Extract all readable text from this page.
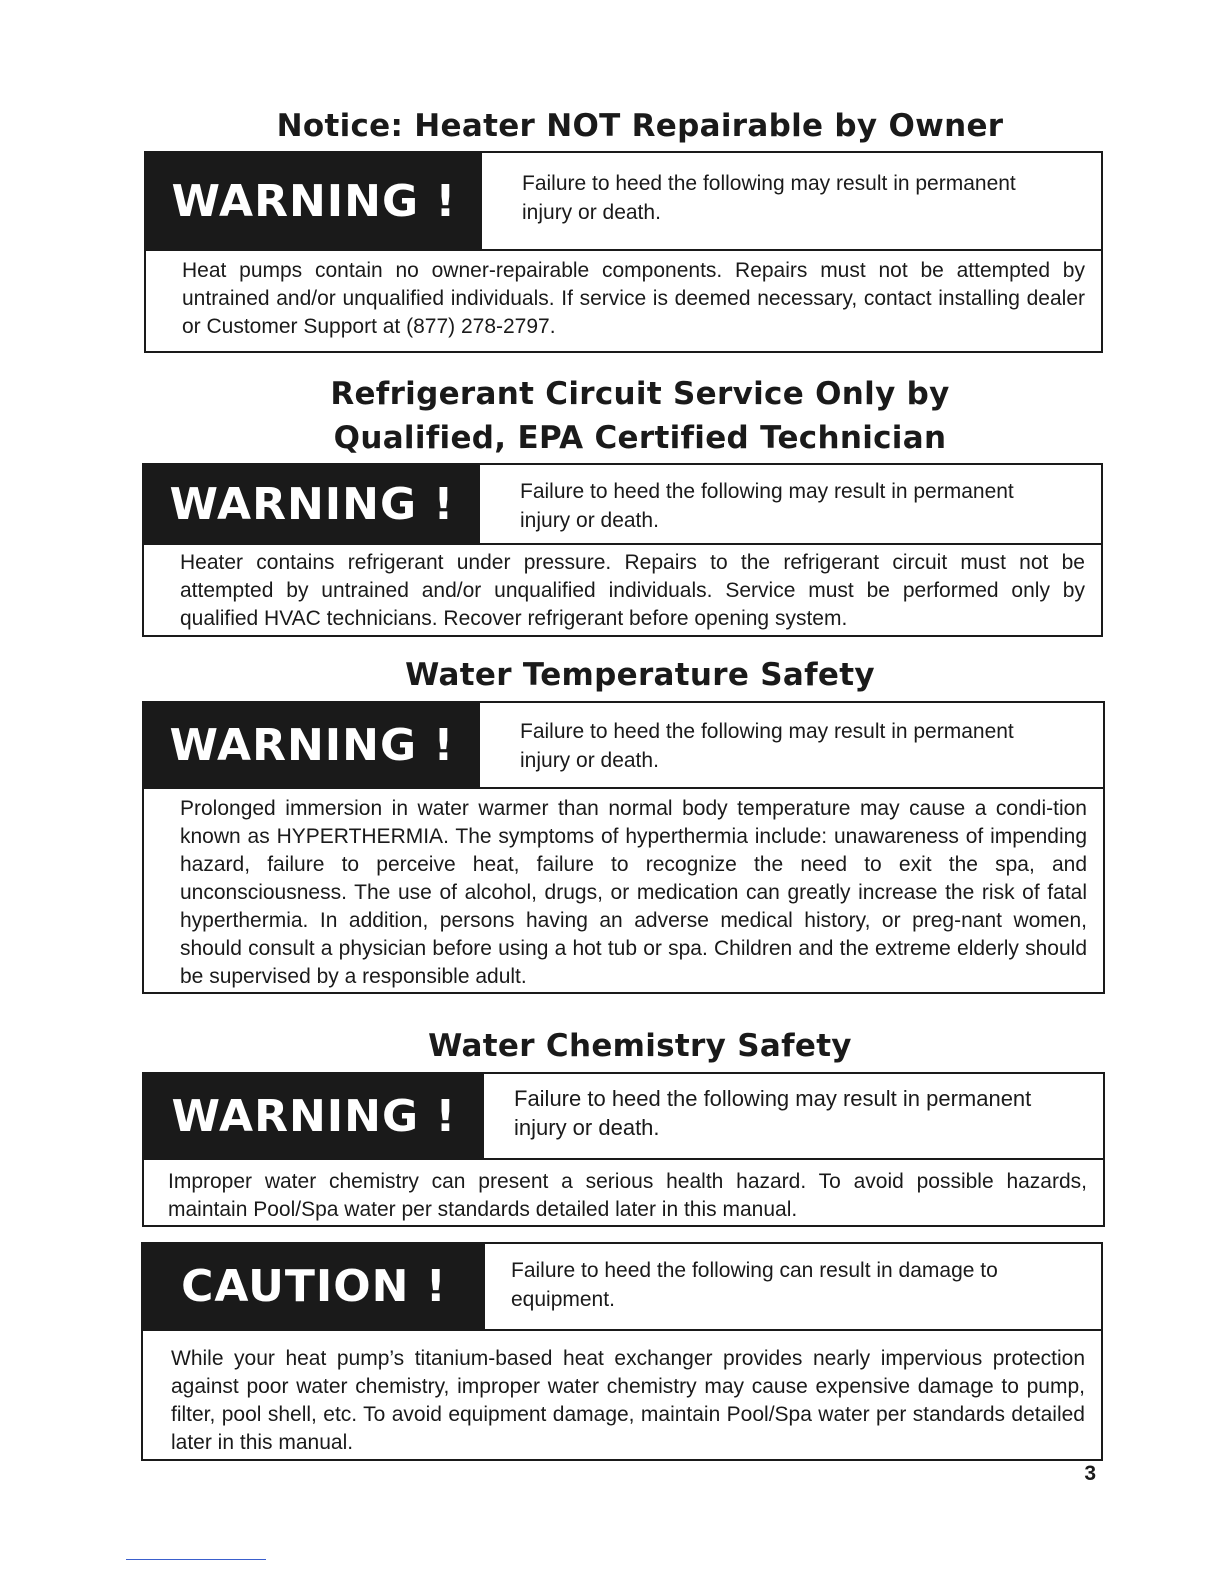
Notice: Heater NOT Repairable by Owner
WARNING !	Failure to heed the following may result in permanent injury or death.
Heat pumps contain no owner-repairable components. Repairs must not be attempted by untrained and/or unqualified individuals. If service is deemed necessary, contact installing dealer or Customer Support at (877) 278-2797.
Refrigerant Circuit Service Only by
Qualified, EPA Certified Technician
WARNING !	Failure to heed the following may result in permanent injury or death.
Heater contains refrigerant under pressure. Repairs to the refrigerant circuit must not be attempted by untrained and/or unqualified individuals. Service must be performed only by qualified HVAC technicians. Recover refrigerant before opening system.
Water Temperature Safety
WARNING !	Failure to heed the following may result in permanent injury or death.
Prolonged immersion in water warmer than normal body temperature may cause a condi-tion known as HYPERTHERMIA. The symptoms of hyperthermia include: unawareness of impending hazard, failure to perceive heat, failure to recognize the need to exit the spa, and unconsciousness. The use of alcohol, drugs, or medication can greatly increase the risk of fatal hyperthermia. In addition, persons having an adverse medical history, or preg-nant women, should consult a physician before using a hot tub or spa. Children and the extreme elderly should be supervised by a responsible adult.
Water Chemistry Safety
WARNING !	Failure to heed the following may result in permanent injury or death.
Improper water chemistry can present a serious health hazard. To avoid possible hazards, maintain Pool/Spa water per standards detailed later in this manual.
CAUTION !	Failure to heed the following can result in damage to equipment.
While your heat pump’s titanium-based heat exchanger provides nearly impervious protection against poor water chemistry, improper water chemistry may cause expensive damage to pump, filter, pool shell, etc. To avoid equipment damage, maintain Pool/Spa water per standards detailed later in this manual.
3
